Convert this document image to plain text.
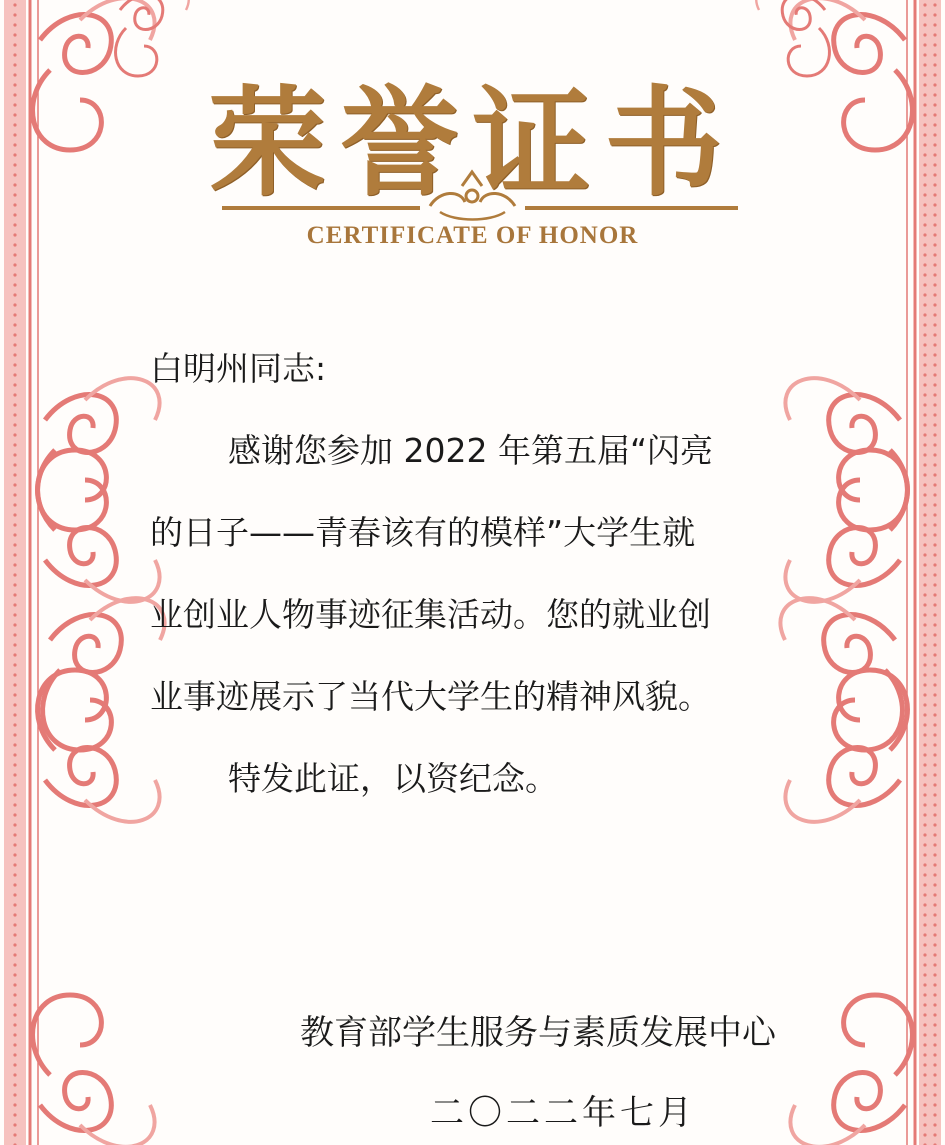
荣誉证书
CERTIFICATE OF HONOR
白明州同志:
感谢您参加 2022 年第五届“闪亮
的日子——青春该有的模样”大学生就
业创业人物事迹征集活动。您的就业创
业事迹展示了当代大学生的精神风貌。
特发此证，以资纪念。
教育部学生服务与素质发展中心
二〇二二年七月
